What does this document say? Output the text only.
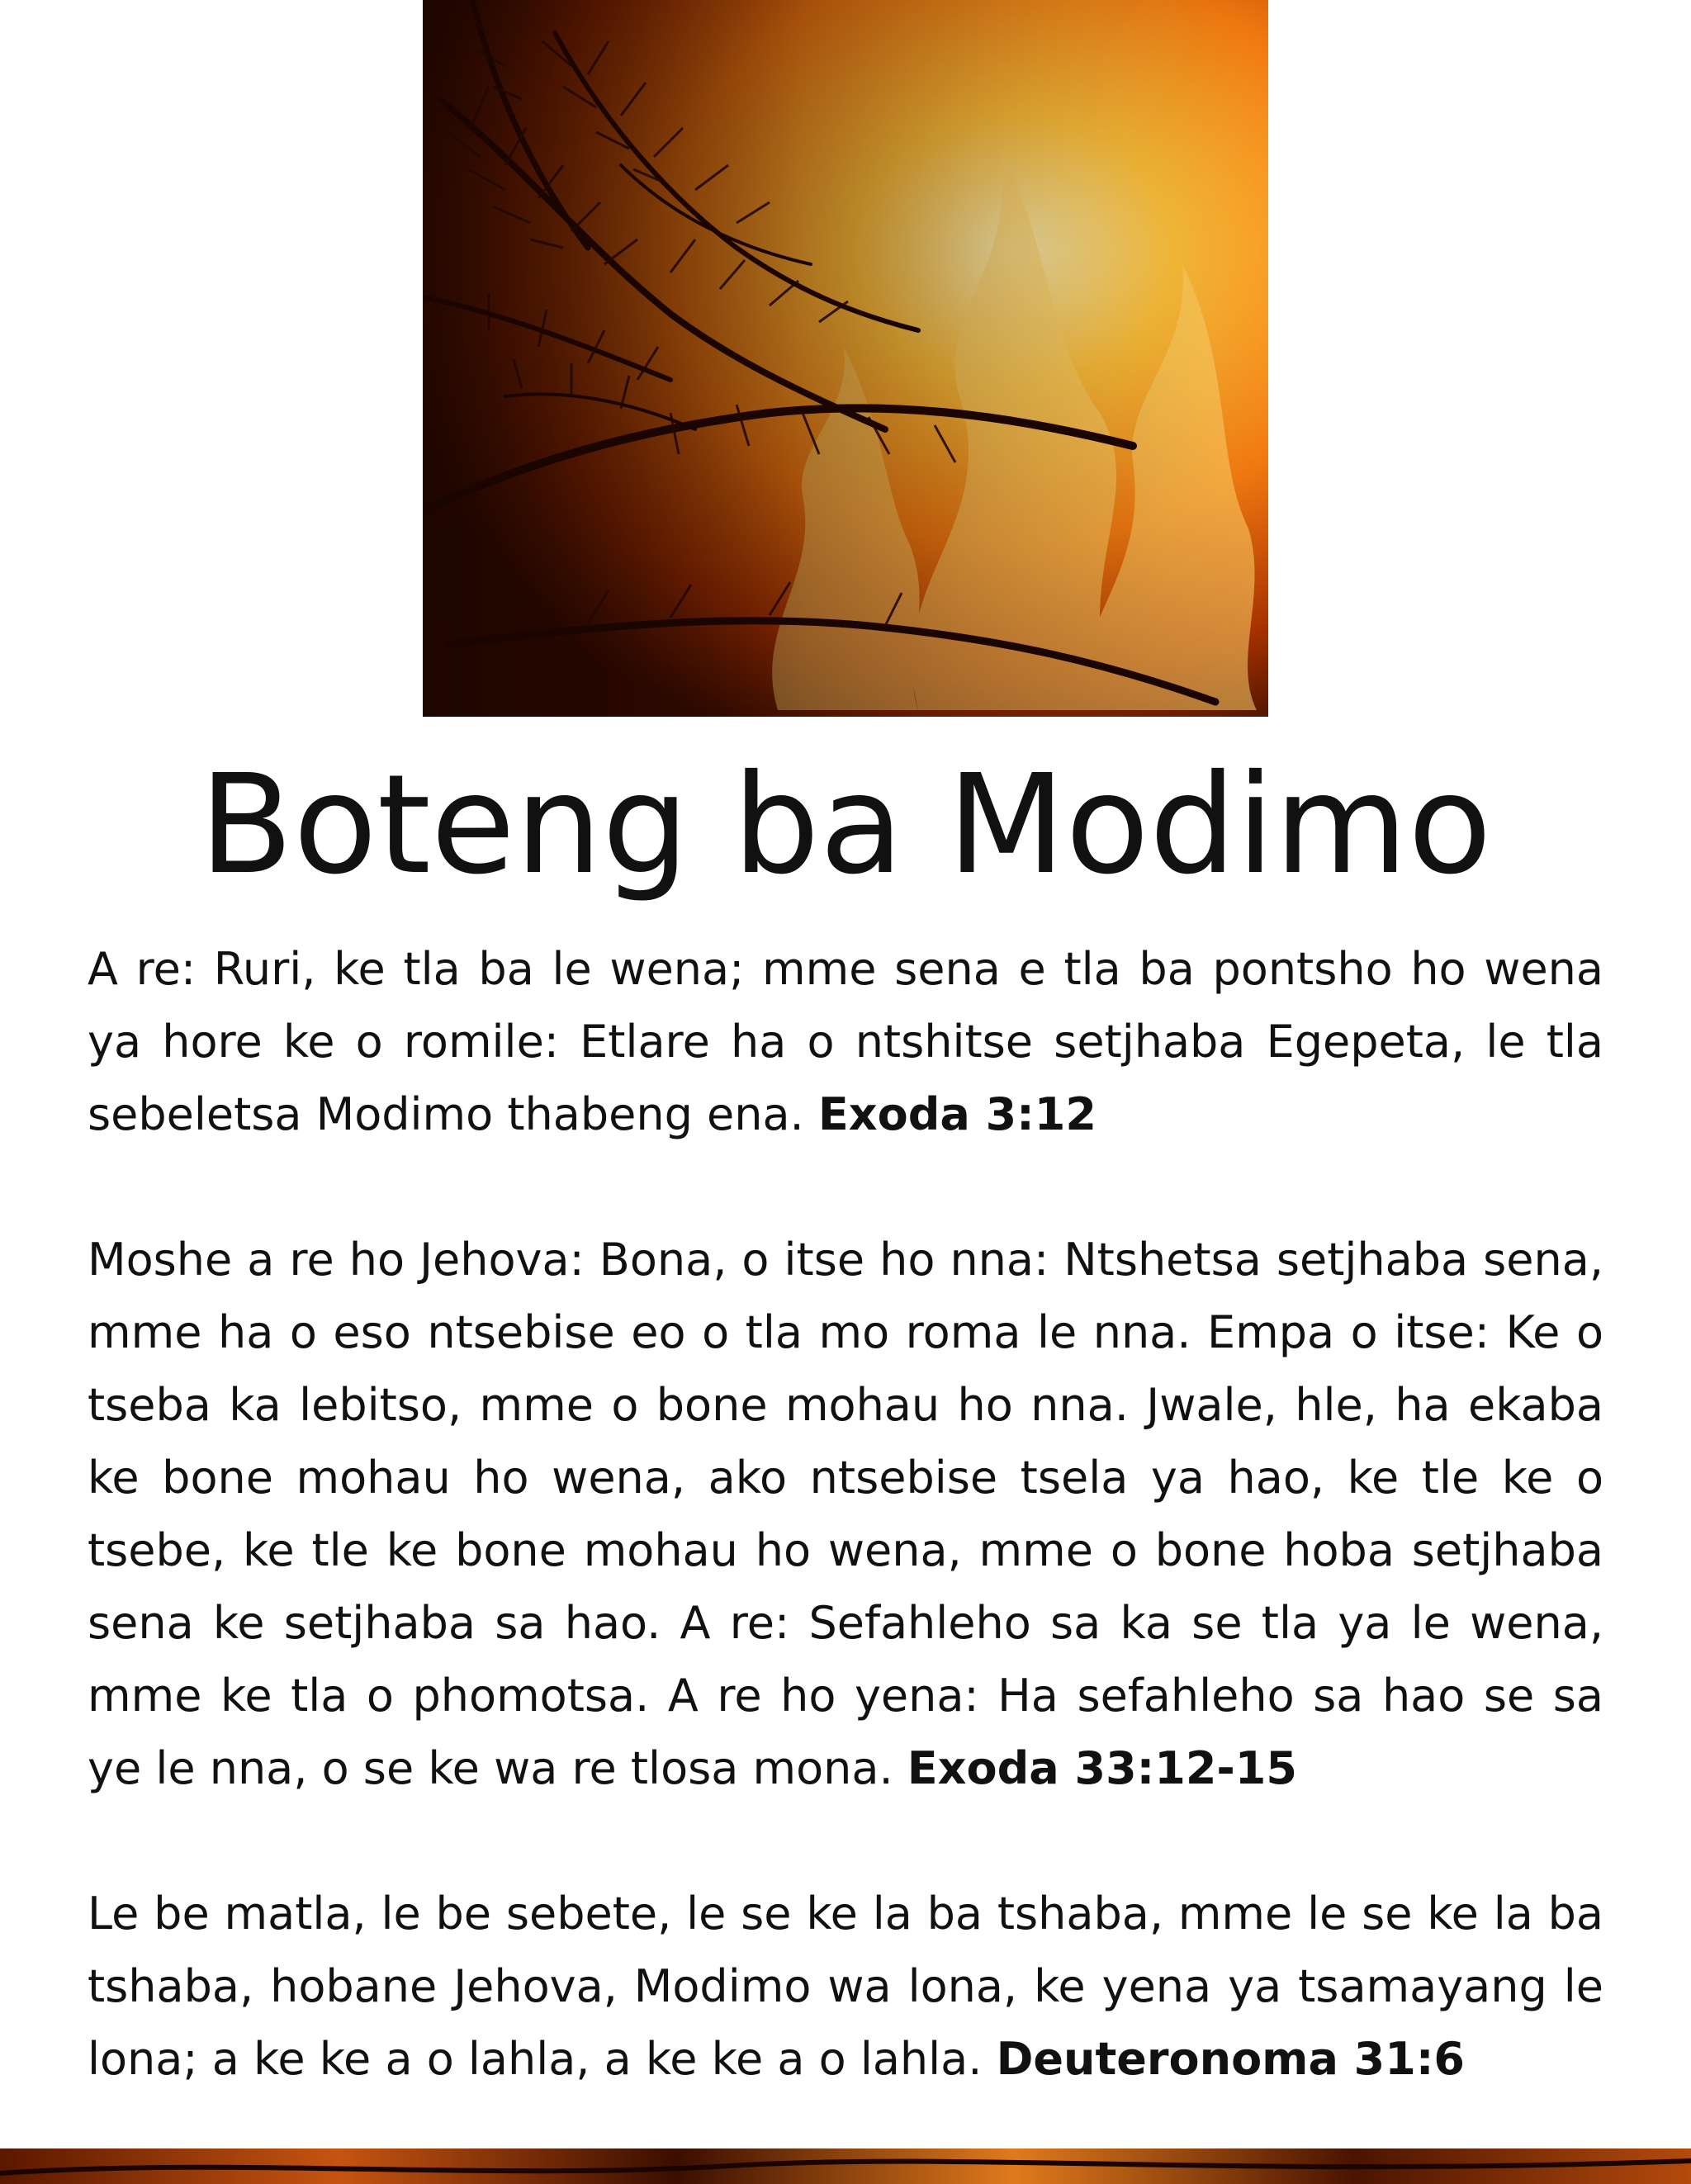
Boteng ba Modimo

A re: Ruri, ke tla ba le wena; mme sena e tla ba pontsho ho wena ya hore ke o romile: Etlare ha o ntshitse setjhaba Egepeta, le tla sebeletsa Modimo thabeng ena. Exoda 3:12

Moshe a re ho Jehova: Bona, o itse ho nna: Ntshetsa setjhaba sena, mme ha o eso ntsebise eo o tla mo roma le nna. Empa o itse: Ke o tseba ka lebitso, mme o bone mohau ho nna. Jwale, hle, ha ekaba ke bone mohau ho wena, ako ntsebise tsela ya hao, ke tle ke o tsebe, ke tle ke bone mohau ho wena, mme o bone hoba setjhaba sena ke setjhaba sa hao. A re: Sefahleho sa ka se tla ya le wena, mme ke tla o phomotsa. A re ho yena: Ha sefahleho sa hao se sa ye le nna, o se ke wa re tlosa mona. Exoda 33:12-15

Le be matla, le be sebete, le se ke la ba tshaba, mme le se ke la ba tshaba, hobane Jehova, Modimo wa lona, ke yena ya tsamayang le lona; a ke ke a o lahla, a ke ke a o lahla. Deuteronoma 31:6
